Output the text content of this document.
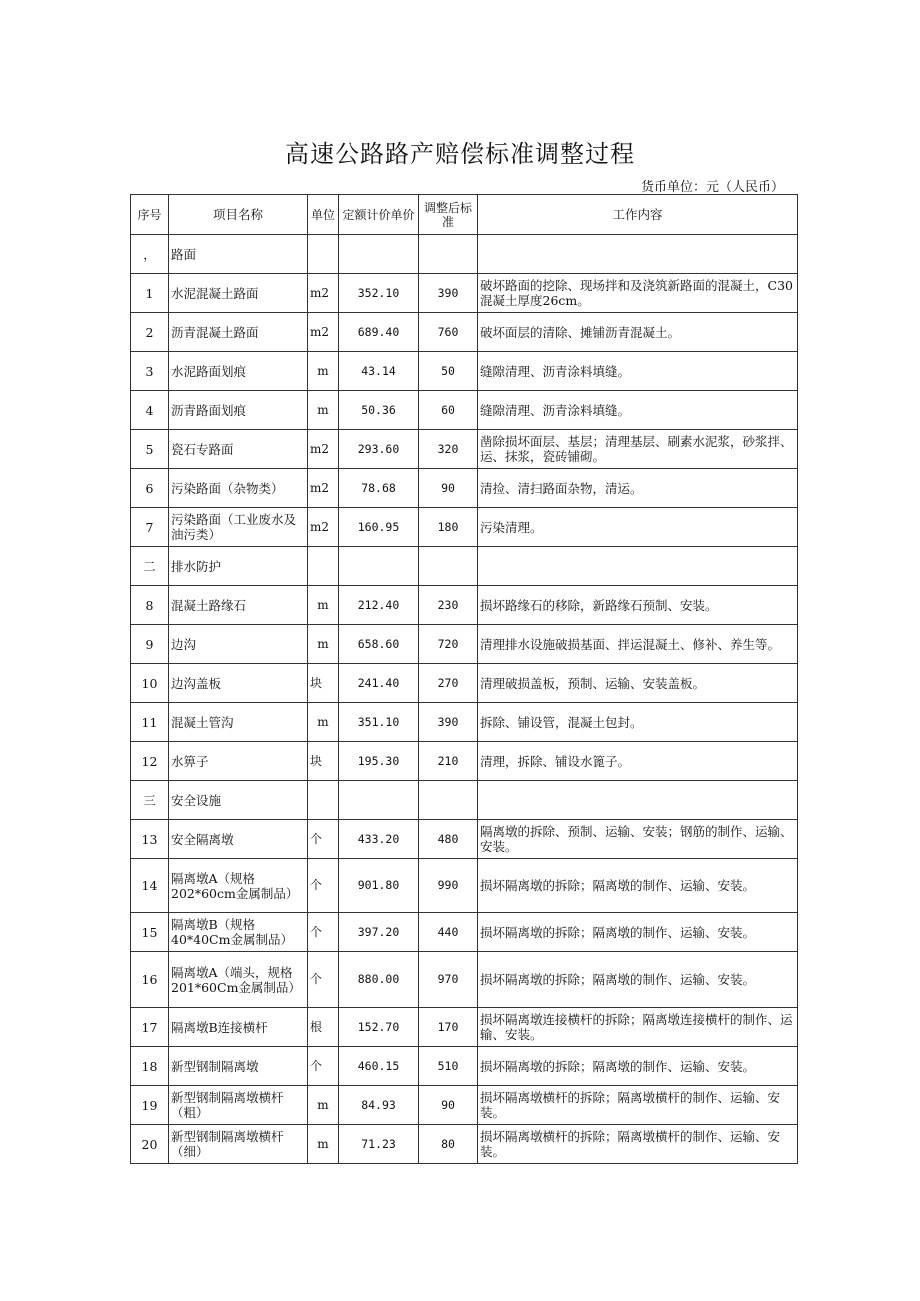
高速公路路产赔偿标准调整过程
货币单位：元（人民币）
序号	项目名称	单位	定额计价单价	调整后标准	工作内容
，	路面				
1	水泥混凝土路面	m2	352.10	390	破坏路面的挖除、现场拌和及浇筑新路面的混凝土，C30混凝土厚度26cm。
2	沥青混凝土路面	m2	689.40	760	破坏面层的清除、摊铺沥青混凝土。
3	水泥路面划痕	m	43.14	50	缝隙清理、沥青涂料填缝。
4	沥青路面划痕	m	50.36	60	缝隙清理、沥青涂料填缝。
5	瓷石专路面	m2	293.60	320	凿除损坏面层、基层；清理基层、刷素水泥浆，砂浆拌、运、抹浆，瓷砖铺砌。
6	污染路面（杂物类）	m2	78.68	90	清捡、清扫路面杂物，清运。
7	污染路面（工业废水及油污类）	m2	160.95	180	污染清理。
二	排水防护				
8	混凝土路缘石	m	212.40	230	损坏路缘石的移除，新路缘石预制、安装。
9	边沟	m	658.60	720	清理排水设施破损基面、拌运混凝土、修补、养生等。
10	边沟盖板	块	241.40	270	清理破损盖板，预制、运输、安装盖板。
11	混凝土管沟	m	351.10	390	拆除、铺设管，混凝土包封。
12	水箅子	块	195.30	210	清理，拆除、铺设水篦子。
三	安全设施				
13	安全隔离墩	个	433.20	480	隔离墩的拆除、预制、运输、安装；钢筋的制作、运输、安装。
14	隔离墩A（规格202*60cm金属制品）	个	901.80	990	损坏隔离墩的拆除；隔离墩的制作、运输、安装。
15	隔离墩B（规格40*40Cm金属制品）	个	397.20	440	损坏隔离墩的拆除；隔离墩的制作、运输、安装。
16	隔离墩A（端头，规格201*60Cm金属制品）	个	880.00	970	损坏隔离墩的拆除；隔离墩的制作、运输、安装。
17	隔离墩B连接横杆	根	152.70	170	损坏隔离墩连接横杆的拆除；隔离墩连接横杆的制作、运输、安装。
18	新型钢制隔离墩	个	460.15	510	损坏隔离墩的拆除；隔离墩的制作、运输、安装。
19	新型钢制隔离墩横杆（粗）	m	84.93	90	损坏隔离墩横杆的拆除；隔离墩横杆的制作、运输、安装。
20	新型钢制隔离墩横杆（细）	m	71.23	80	损坏隔离墩横杆的拆除；隔离墩横杆的制作、运输、安装。
